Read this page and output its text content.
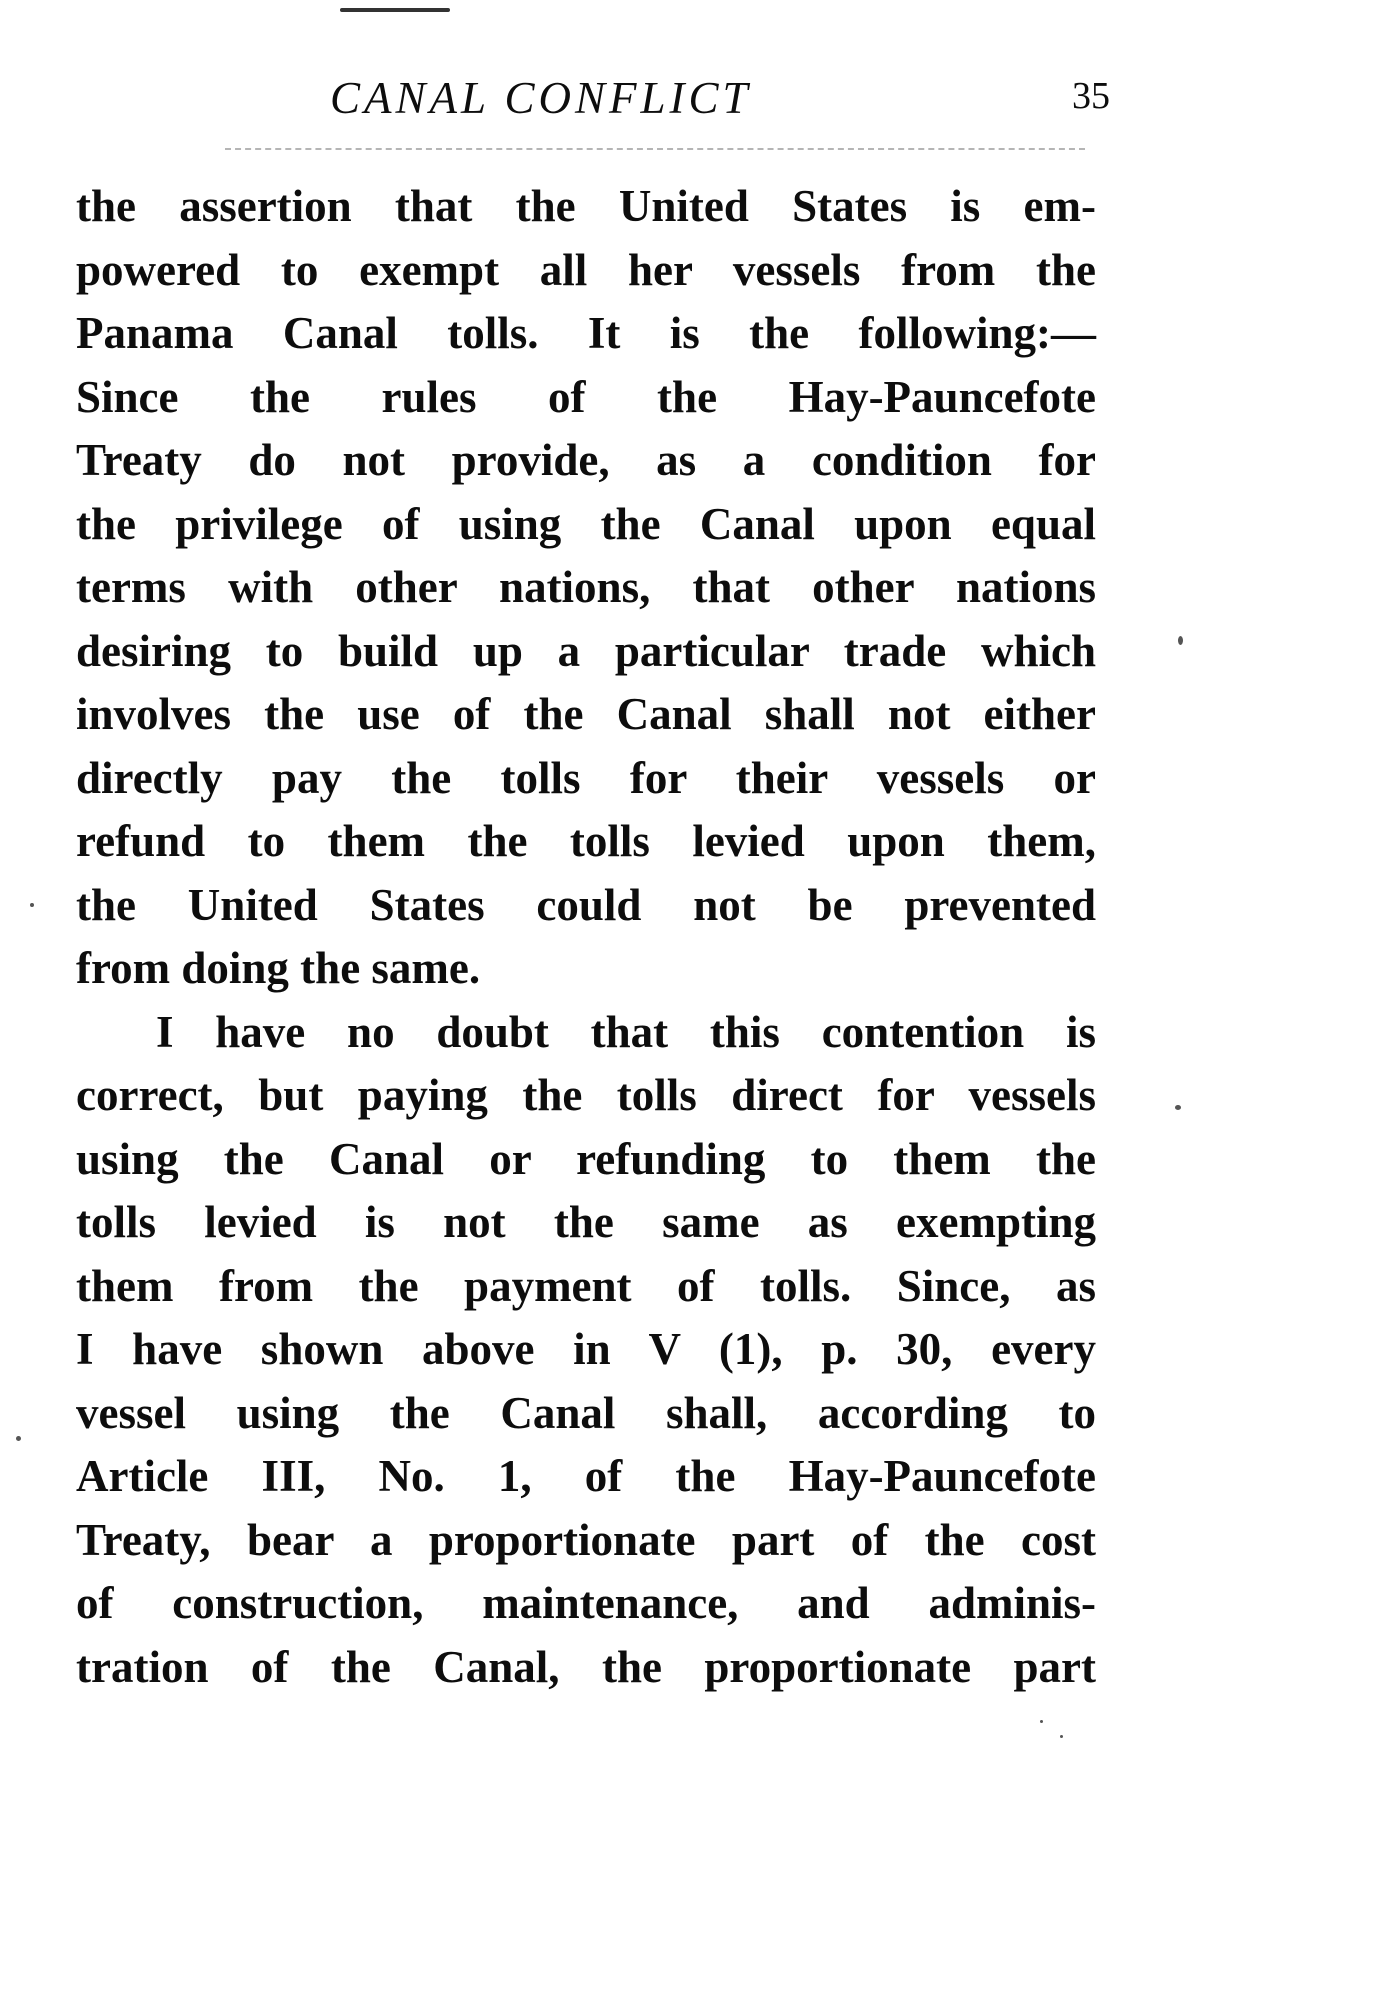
CANAL CONFLICT	35
the assertion that the United States is em-
powered to exempt all her vessels from the
Panama Canal tolls. It is the following:—
Since the rules of the Hay-Pauncefote
Treaty do not provide, as a condition for
the privilege of using the Canal upon equal
terms with other nations, that other nations
desiring to build up a particular trade which
involves the use of the Canal shall not either
directly pay the tolls for their vessels or
refund to them the tolls levied upon them,
the United States could not be prevented
from doing the same.
I have no doubt that this contention is
correct, but paying the tolls direct for vessels
using the Canal or refunding to them the
tolls levied is not the same as exempting
them from the payment of tolls. Since, as
I have shown above in V (1), p. 30, every
vessel using the Canal shall, according to
Article III, No. 1, of the Hay-Pauncefote
Treaty, bear a proportionate part of the cost
of construction, maintenance, and adminis-
tration of the Canal, the proportionate part
